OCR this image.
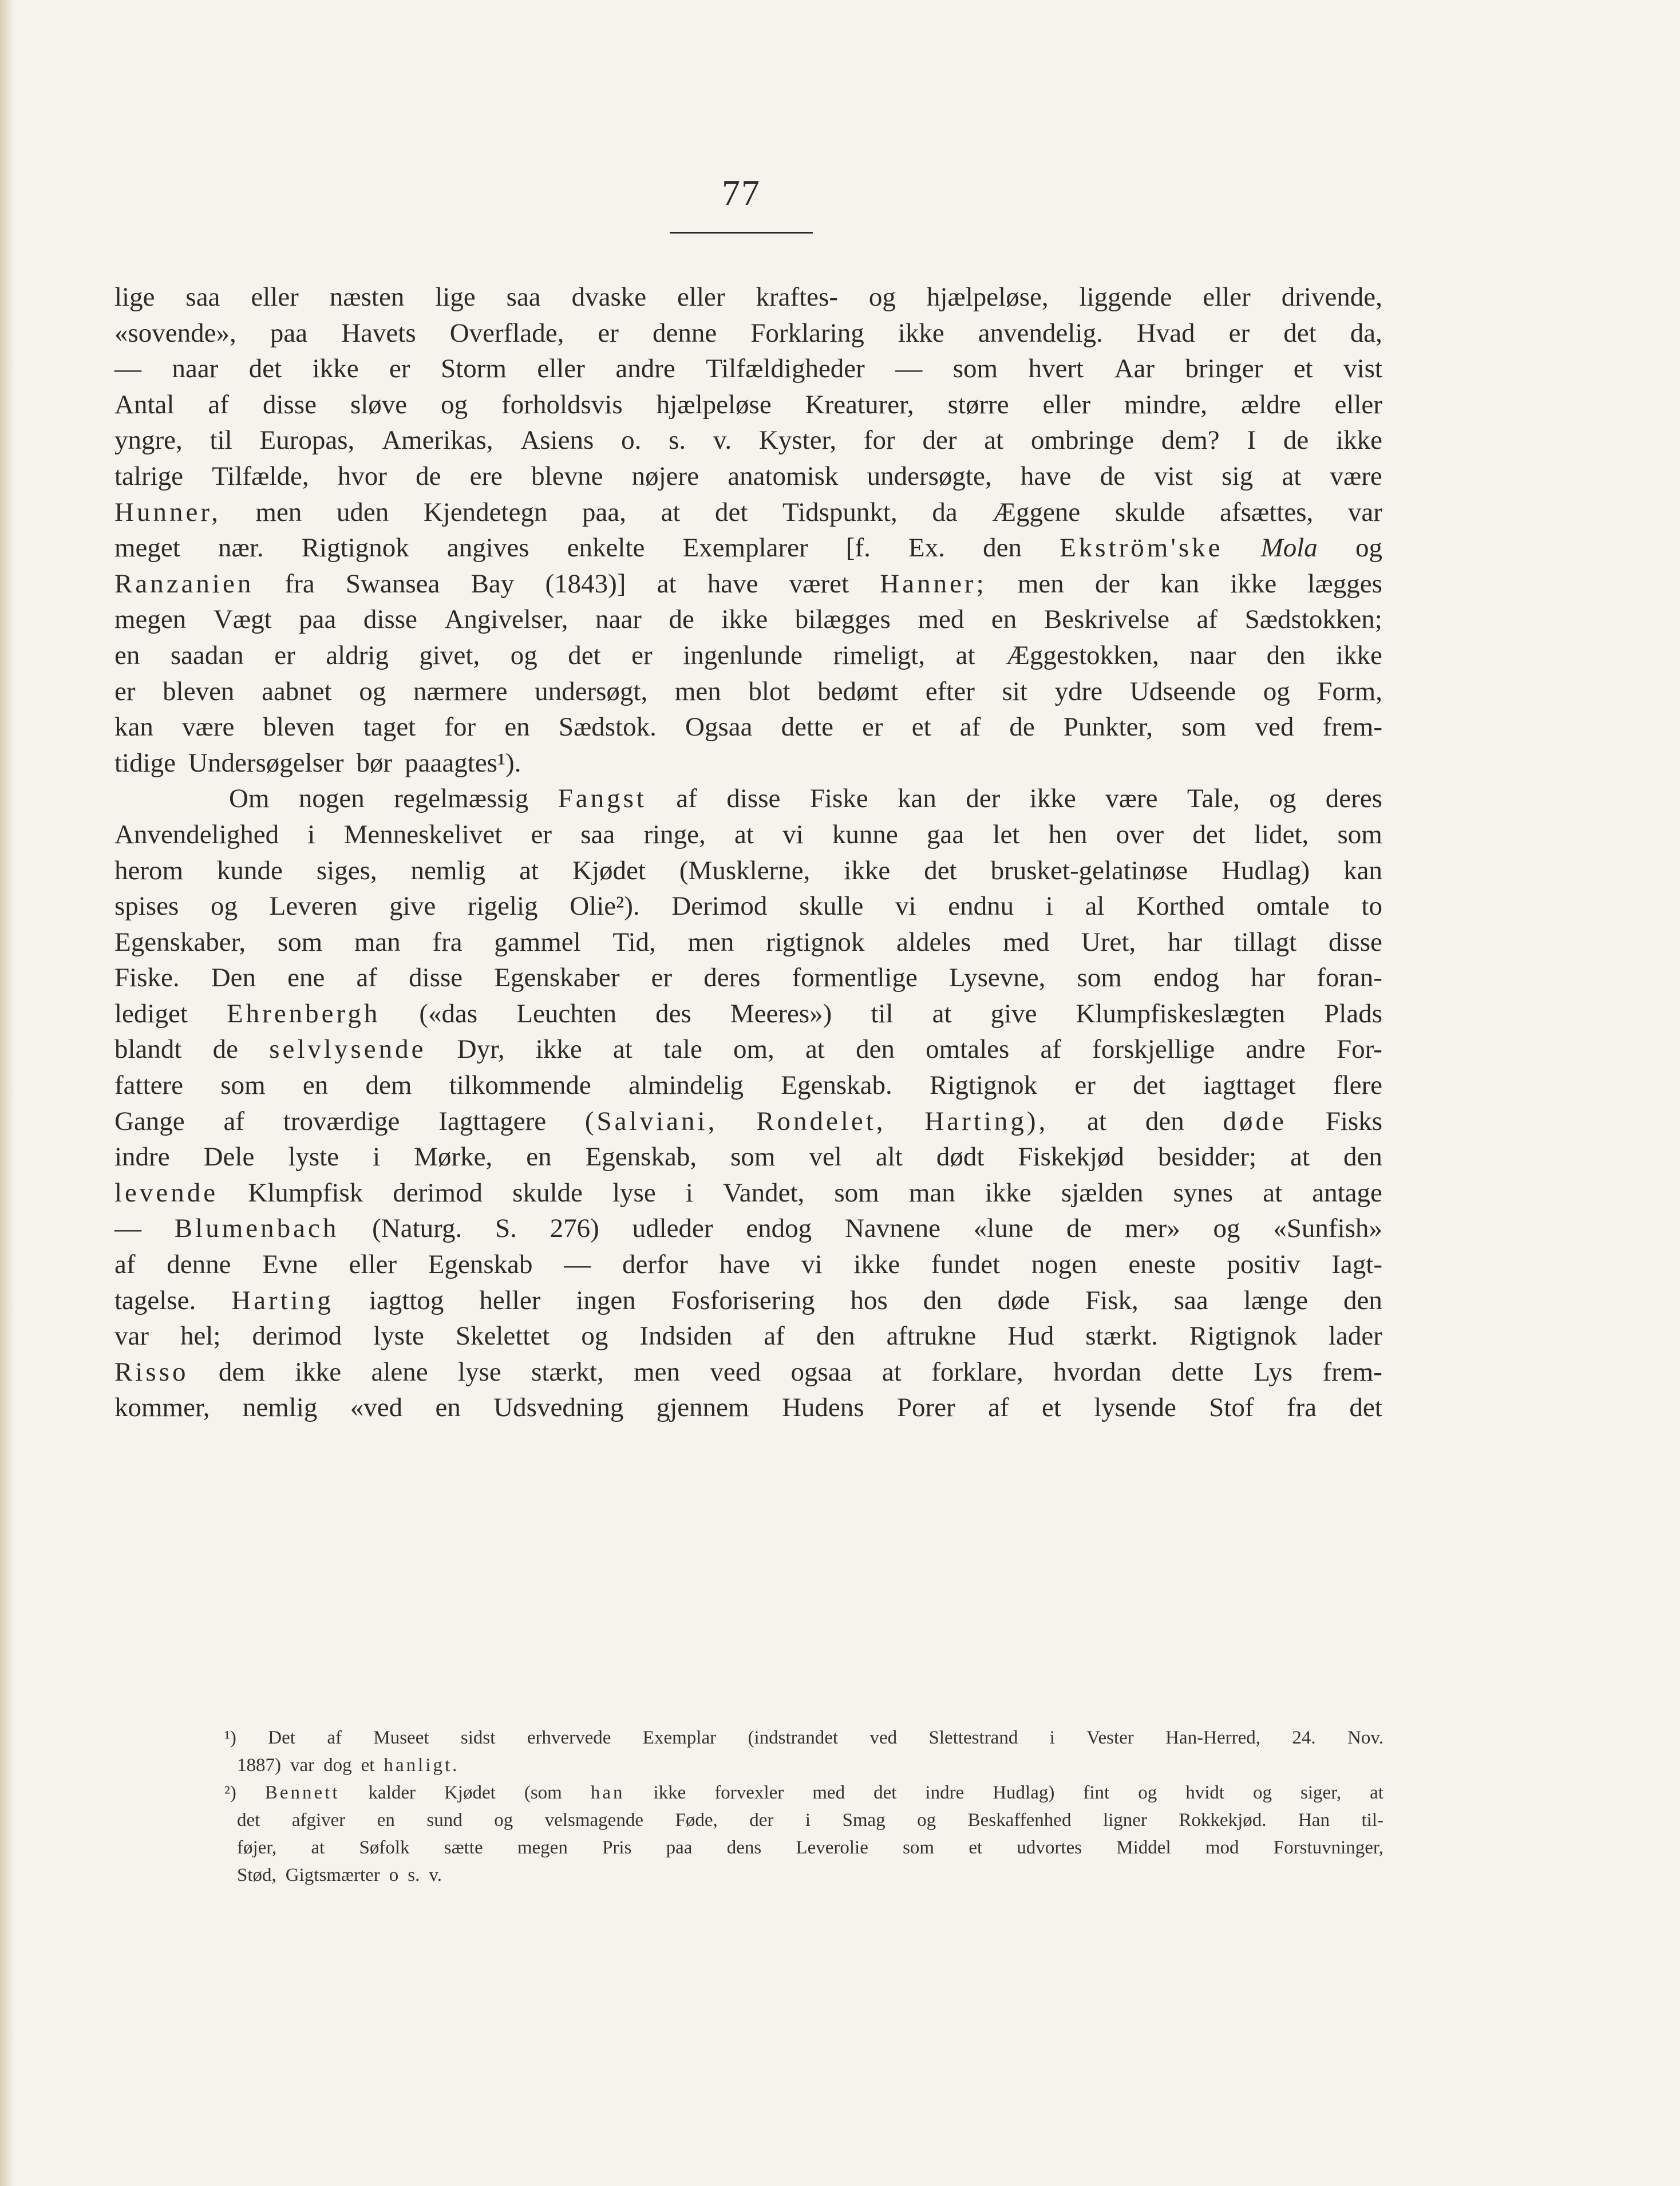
77
lige saa eller næsten lige saa dvaske eller kraftes- og hjælpeløse, liggende eller drivende,
«sovende», paa Havets Overflade, er denne Forklaring ikke anvendelig. Hvad er det da,
— naar det ikke er Storm eller andre Tilfældigheder — som hvert Aar bringer et vist
Antal af disse sløve og forholdsvis hjælpeløse Kreaturer, større eller mindre, ældre eller
yngre, til Europas, Amerikas, Asiens o. s. v. Kyster, for der at ombringe dem? I de ikke
talrige Tilfælde, hvor de ere blevne nøjere anatomisk undersøgte, have de vist sig at være
Hunner, men uden Kjendetegn paa, at det Tidspunkt, da Æggene skulde afsættes, var
meget nær. Rigtignok angives enkelte Exemplarer [f. Ex. den Ekström'ske Mola og
Ranzanien fra Swansea Bay (1843)] at have været Hanner; men der kan ikke lægges
megen Vægt paa disse Angivelser, naar de ikke bilægges med en Beskrivelse af Sædstokken;
en saadan er aldrig givet, og det er ingenlunde rimeligt, at Æggestokken, naar den ikke
er bleven aabnet og nærmere undersøgt, men blot bedømt efter sit ydre Udseende og Form,
kan være bleven taget for en Sædstok. Ogsaa dette er et af de Punkter, som ved frem-
tidige Undersøgelser bør paaagtes¹).
Om nogen regelmæssig Fangst af disse Fiske kan der ikke være Tale, og deres
Anvendelighed i Menneskelivet er saa ringe, at vi kunne gaa let hen over det lidet, som
herom kunde siges, nemlig at Kjødet (Musklerne, ikke det brusket-gelatinøse Hudlag) kan
spises og Leveren give rigelig Olie²). Derimod skulle vi endnu i al Korthed omtale to
Egenskaber, som man fra gammel Tid, men rigtignok aldeles med Uret, har tillagt disse
Fiske. Den ene af disse Egenskaber er deres formentlige Lysevne, som endog har foran-
lediget Ehrenbergh («das Leuchten des Meeres») til at give Klumpfiskeslægten Plads
blandt de selvlysende Dyr, ikke at tale om, at den omtales af forskjellige andre For-
fattere som en dem tilkommende almindelig Egenskab. Rigtignok er det iagttaget flere
Gange af troværdige Iagttagere (Salviani, Rondelet, Harting), at den døde Fisks
indre Dele lyste i Mørke, en Egenskab, som vel alt dødt Fiskekjød besidder; at den
levende Klumpfisk derimod skulde lyse i Vandet, som man ikke sjælden synes at antage
— Blumenbach (Naturg. S. 276) udleder endog Navnene «lune de mer» og «Sunfish»
af denne Evne eller Egenskab — derfor have vi ikke fundet nogen eneste positiv Iagt-
tagelse. Harting iagttog heller ingen Fosforisering hos den døde Fisk, saa længe den
var hel; derimod lyste Skelettet og Indsiden af den aftrukne Hud stærkt. Rigtignok lader
Risso dem ikke alene lyse stærkt, men veed ogsaa at forklare, hvordan dette Lys frem-
kommer, nemlig «ved en Udsvedning gjennem Hudens Porer af et lysende Stof fra det
¹) Det af Museet sidst erhvervede Exemplar (indstrandet ved Slettestrand i Vester Han-Herred, 24. Nov.
1887) var dog et hanligt.
²) Bennett kalder Kjødet (som han ikke forvexler med det indre Hudlag) fint og hvidt og siger, at
det afgiver en sund og velsmagende Føde, der i Smag og Beskaffenhed ligner Rokkekjød. Han til-
føjer, at Søfolk sætte megen Pris paa dens Leverolie som et udvortes Middel mod Forstuvninger,
Stød, Gigtsmærter o s. v.
